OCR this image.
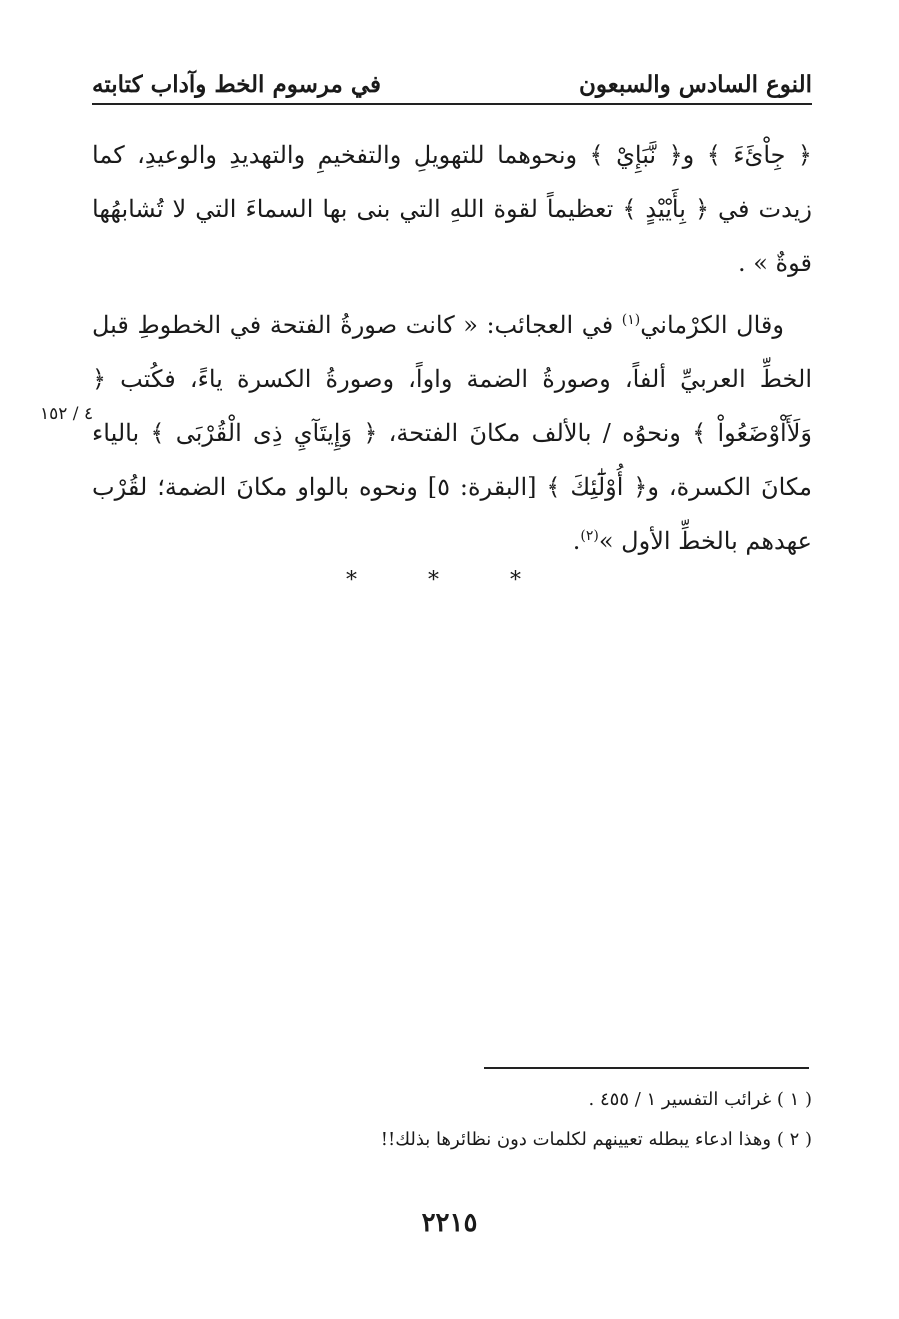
النوع السادس والسبعون
في مرسوم الخط وآداب كتابته

﴿ جِاْئَءَ ﴾ و﴿ نَّبَإِيْ ﴾ ونحوهما للتهويلِ والتفخيمِ والتهديدِ والوعيدِ، كما زيدت في ﴿ بِأَيْيْدٍ ﴾ تعظيماً لقوة اللهِ التي بنى بها السماءَ التي لا تُشابهُها قوةٌ » .

وقال الكرْماني$^{(١)}$ في العجائب: « كانت صورةُ الفتحة في الخطوطِ قبل الخطِّ العربيِّ ألفاً، وصورةُ الضمة واواً، وصورةُ الكسرة ياءً، فكُتب ﴿ وَلَأَاْوْضَعُواْ ﴾ ونحوُه / بالألف مكانَ الفتحة، ﴿ وَإِيتَآيِ ذِى الْقُرْبَى ﴾ بالياء مكانَ الكسرة، و﴿ أُوْلَٰٓئِكَ ﴾ [البقرة: ٥] ونحوه بالواو مكانَ الضمة؛ لقُرْب عهدهم بالخطِّ الأول »$^{(٢)}$.

٤ / ١٥٢
* * *
( ١ ) غرائب التفسير ١ / ٤٥٥ .
( ٢ ) وهذا ادعاء يبطله تعيينهم لكلمات دون نظائرها بذلك!!
٢٢١٥
